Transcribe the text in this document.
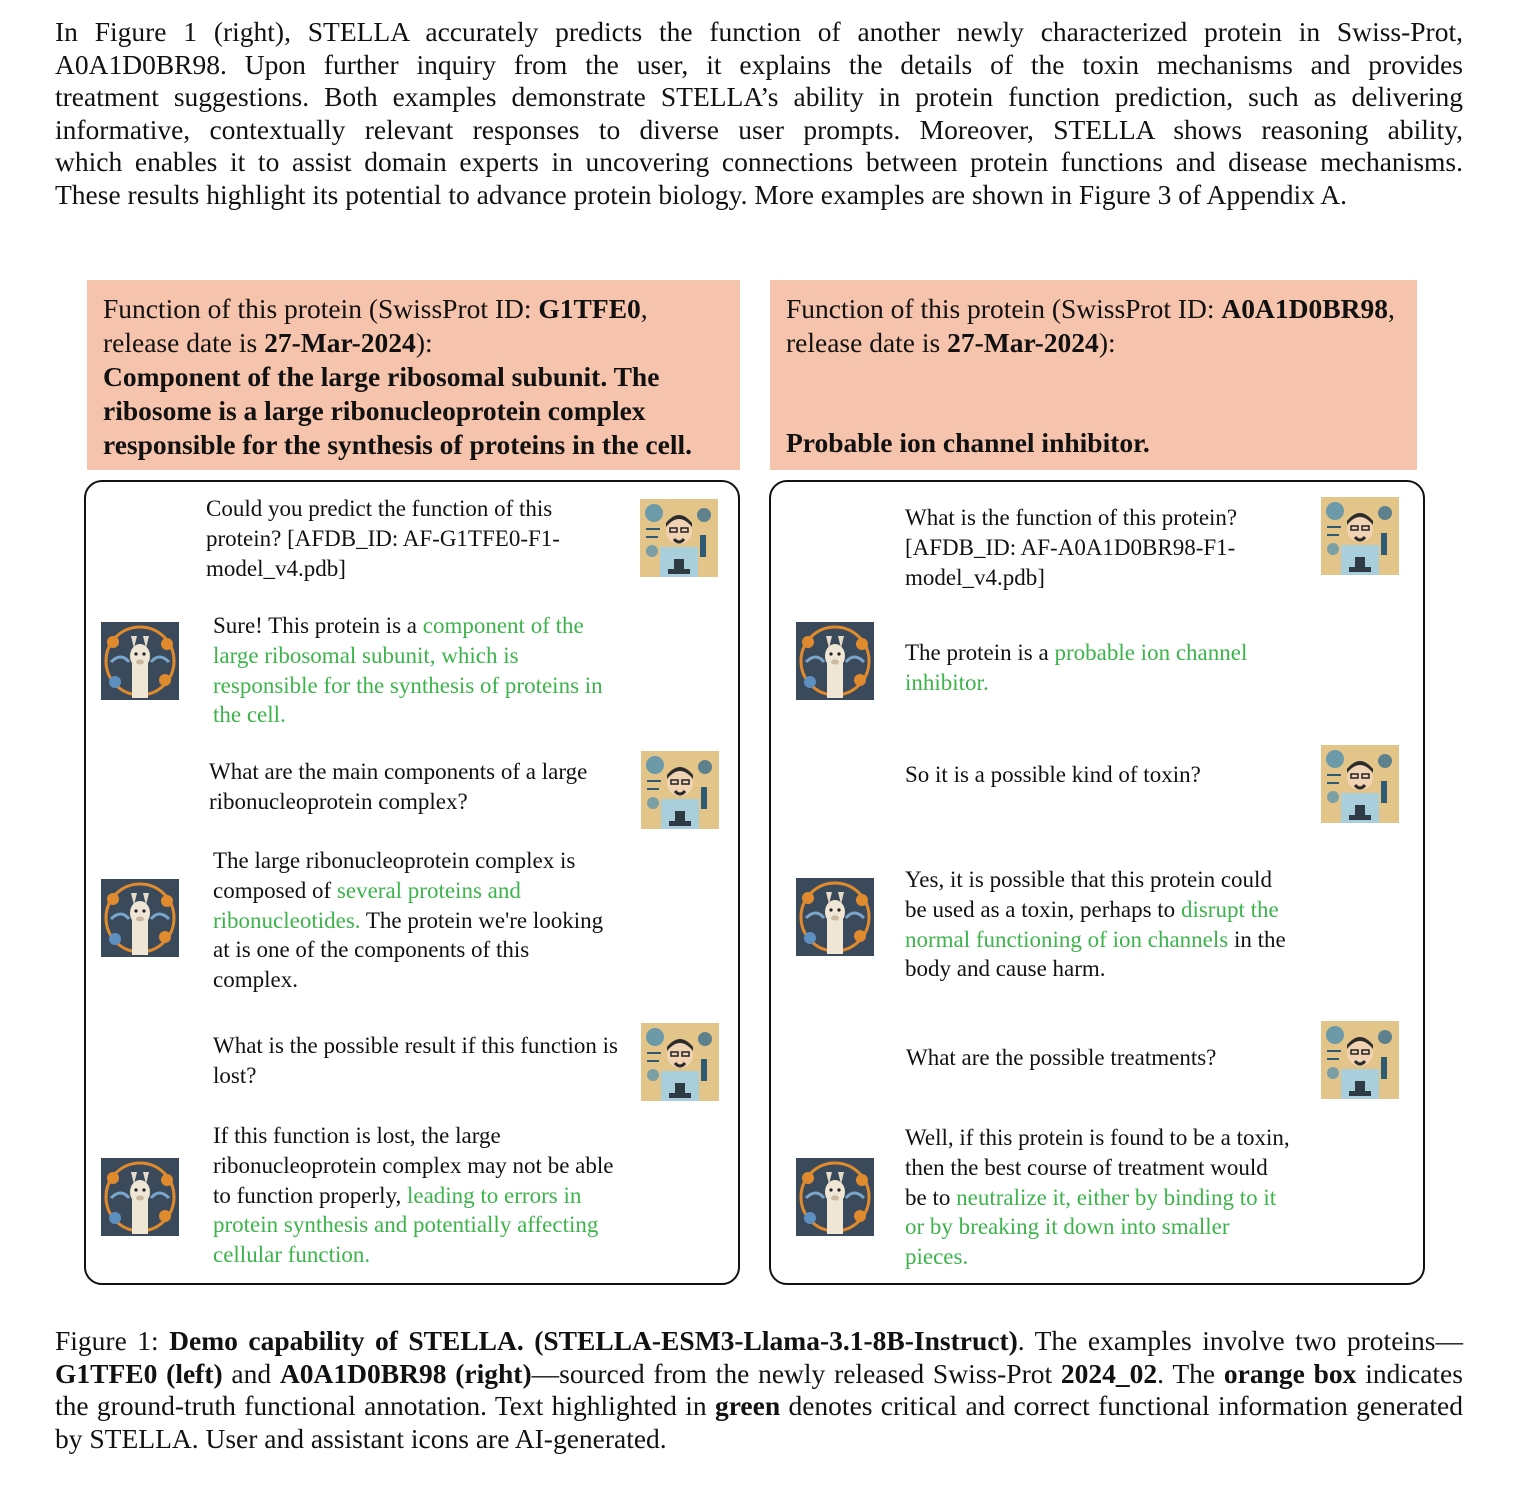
In Figure 1 (right), STELLA accurately predicts the function of another newly characterized protein in Swiss-Prot,
A0A1D0BR98. Upon further inquiry from the user, it explains the details of the toxin mechanisms and provides
treatment suggestions. Both examples demonstrate STELLA’s ability in protein function prediction, such as delivering
informative, contextually relevant responses to diverse user prompts. Moreover, STELLA shows reasoning ability,
which enables it to assist domain experts in uncovering connections between protein functions and disease mechanisms.
These results highlight its potential to advance protein biology. More examples are shown in Figure 3 of Appendix A.
Function of this protein (SwissProt ID: G1TFE0, release date is 27-Mar-2024):
Component of the large ribosomal subunit. The ribosome is a large ribonucleoprotein complex responsible for the synthesis of proteins in the cell.
Function of this protein (SwissProt ID: A0A1D0BR98, release date is 27-Mar-2024):
Probable ion channel inhibitor.
Could you predict the function of this protein? [AFDB_ID: AF-G1TFE0-F1-model_v4.pdb]
Sure! This protein is a component of the large ribosomal subunit, which is responsible for the synthesis of proteins in the cell.
What are the main components of a large ribonucleoprotein complex?
The large ribonucleoprotein complex is composed of several proteins and ribonucleotides. The protein we're looking at is one of the components of this complex.
What is the possible result if this function is lost?
If this function is lost, the large ribonucleoprotein complex may not be able to function properly, leading to errors in protein synthesis and potentially affecting cellular function.
What is the function of this protein? [AFDB_ID: AF-A0A1D0BR98-F1-model_v4.pdb]
The protein is a probable ion channel inhibitor.
So it is a possible kind of toxin?
Yes, it is possible that this protein could be used as a toxin, perhaps to disrupt the normal functioning of ion channels in the body and cause harm.
What are the possible treatments?
Well, if this protein is found to be a toxin, then the best course of treatment would be to neutralize it, either by binding to it or by breaking it down into smaller pieces.
Figure 1: Demo capability of STELLA. (STELLA-ESM3-Llama-3.1-8B-Instruct). The examples involve two proteins—G1TFE0 (left) and A0A1D0BR98 (right)—sourced from the newly released Swiss-Prot 2024_02. The orange box indicates the ground-truth functional annotation. Text highlighted in green denotes critical and correct functional information generated by STELLA. User and assistant icons are AI-generated.
